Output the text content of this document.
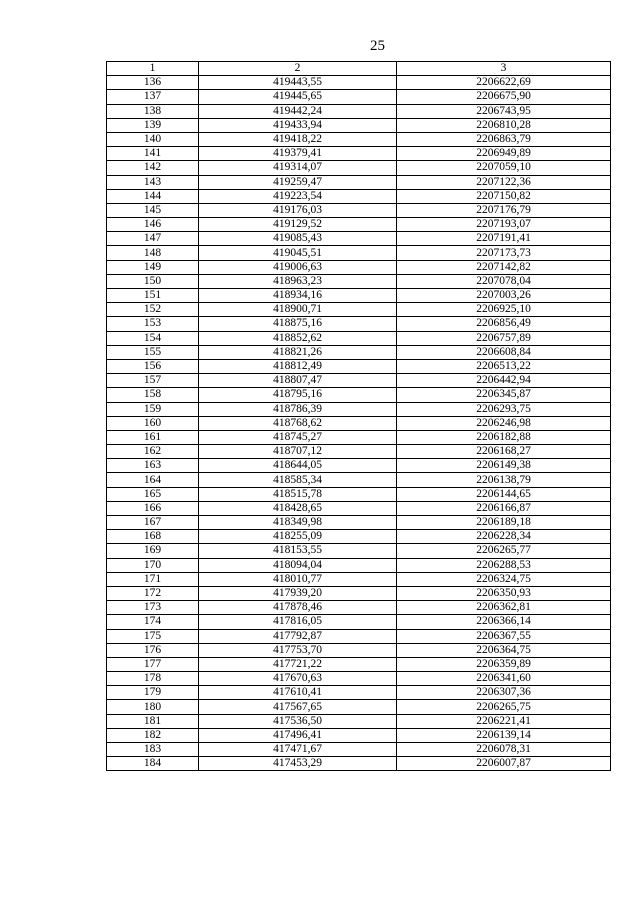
25
1	2	3
136	419443,55	2206622,69
137	419445,65	2206675,90
138	419442,24	2206743,95
139	419433,94	2206810,28
140	419418,22	2206863,79
141	419379,41	2206949,89
142	419314,07	2207059,10
143	419259,47	2207122,36
144	419223,54	2207150,82
145	419176,03	2207176,79
146	419129,52	2207193,07
147	419085,43	2207191,41
148	419045,51	2207173,73
149	419006,63	2207142,82
150	418963,23	2207078,04
151	418934,16	2207003,26
152	418900,71	2206925,10
153	418875,16	2206856,49
154	418852,62	2206757,89
155	418821,26	2206608,84
156	418812,49	2206513,22
157	418807,47	2206442,94
158	418795,16	2206345,87
159	418786,39	2206293,75
160	418768,62	2206246,98
161	418745,27	2206182,88
162	418707,12	2206168,27
163	418644,05	2206149,38
164	418585,34	2206138,79
165	418515,78	2206144,65
166	418428,65	2206166,87
167	418349,98	2206189,18
168	418255,09	2206228,34
169	418153,55	2206265,77
170	418094,04	2206288,53
171	418010,77	2206324,75
172	417939,20	2206350,93
173	417878,46	2206362,81
174	417816,05	2206366,14
175	417792,87	2206367,55
176	417753,70	2206364,75
177	417721,22	2206359,89
178	417670,63	2206341,60
179	417610,41	2206307,36
180	417567,65	2206265,75
181	417536,50	2206221,41
182	417496,41	2206139,14
183	417471,67	2206078,31
184	417453,29	2206007,87
